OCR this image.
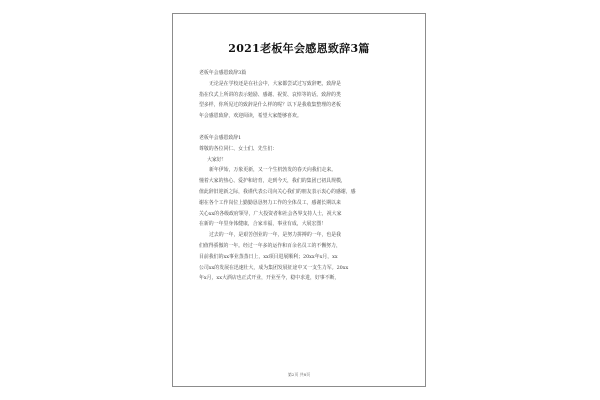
2021老板年会感恩致辞3篇
老板年会感恩致辞3篇
无论是在学校还是在社会中，大家都尝试过写致辞吧，致辞是
指在仪式上所讲的表示勉励、感谢、祝贺、哀悼等的话。致辞的类
型多样，你所见过的致辞是什么样的呢？以下是我收集整理的老板
年会感恩致辞，欢迎阅读，希望大家能够喜欢。
老板年会感恩致辞1
尊敬的各位同仁、女士们、先生们：
大家好！
新年伊始，万象更新，又一个生机勃发的春天向我们走来。
憧着大家的热心、爱护和培育，走到今天，我们的集团已初具规模，
值此辞旧迎新之际，我谨代表公司向关心我们的朋友表示衷心的感谢，感
谢在各个工作岗位上勤勤恳恳努力工作的全体员工，感谢长期以来
关心xx的各级政府领导，广大投资者和社会各界支持人士，祝大家
在新的一年里身体健康，合家幸福，事业有成，大展宏图！
过去的一年，是艰苦创业的一年，是努力拼搏的一年，也是我
们值得骄傲的一年。经过一年多的运作和百余名员工的不懈努力，
目前我们的xx事业蒸蒸日上，xx项目进展顺利；20xx年x月，xx
公司xx的发展在迅速壮大，成为集团发展征途中又一支生力军。20xx
年x月，xx大酒店也正式开业，开业至今，稳中求进，好事不断，
第2页 共8页
